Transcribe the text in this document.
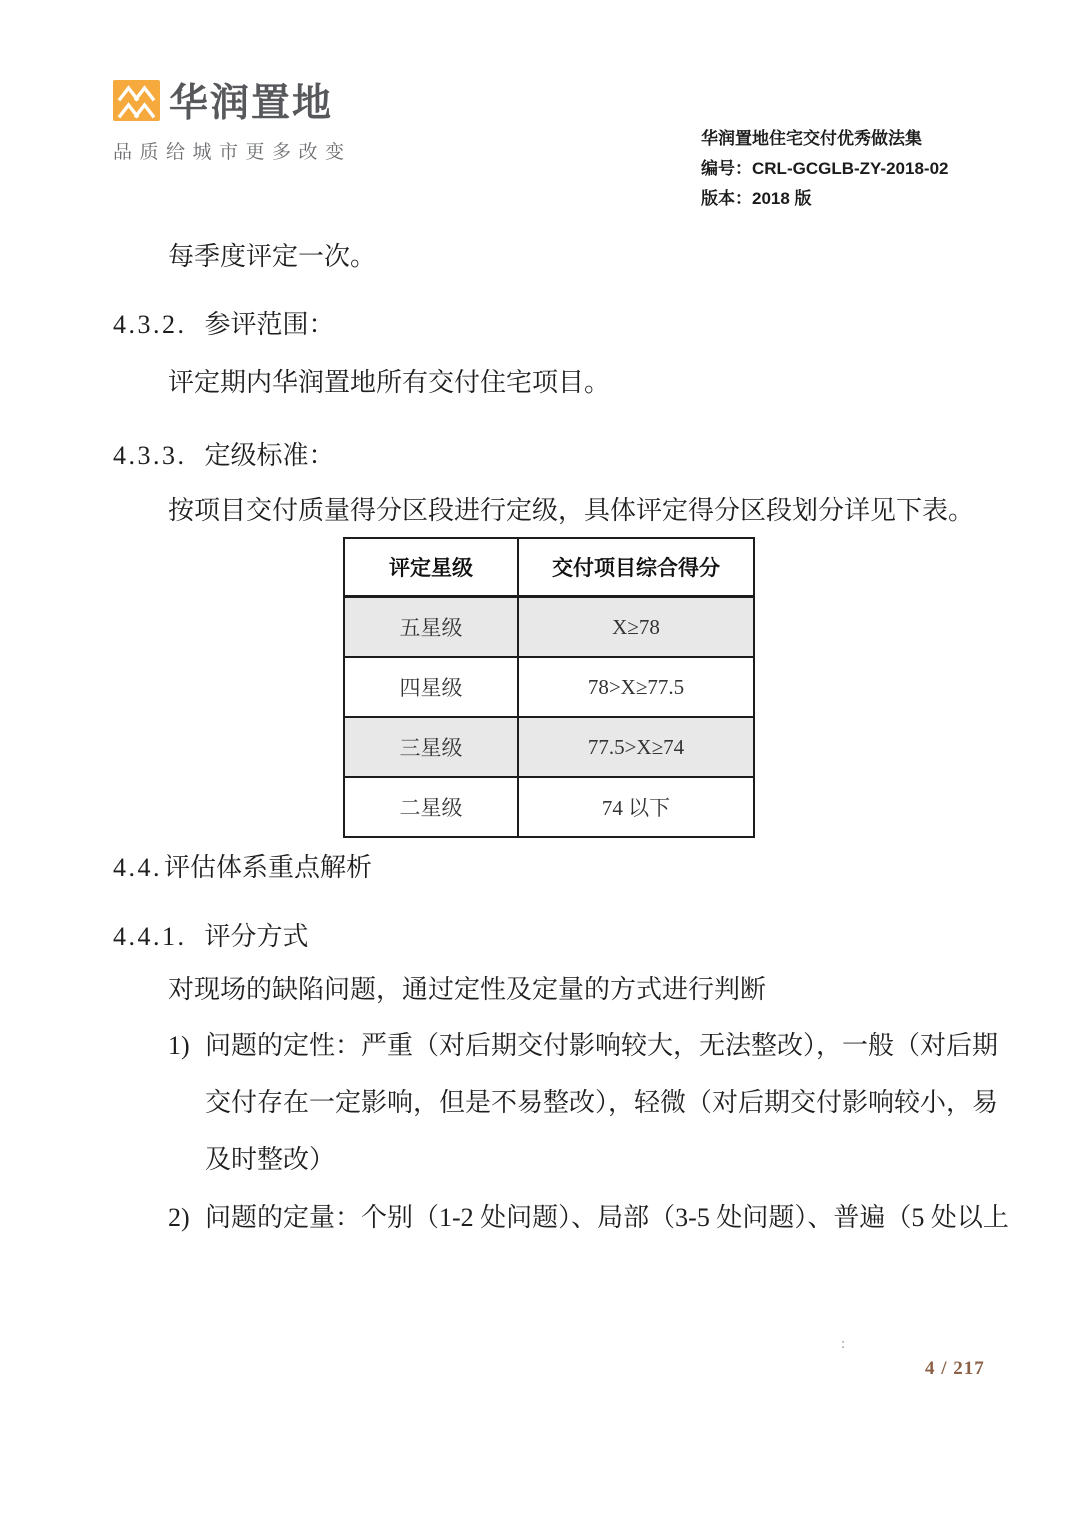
华润置地
品质给城市更多改变
华润置地住宅交付优秀做法集
编号：CRL-GCGLB-ZY-2018-02
版本：2018 版
每季度评定一次。
4.3.2. 参评范围：
评定期内华润置地所有交付住宅项目。
4.3.3. 定级标准：
按项目交付质量得分区段进行定级，具体评定得分区段划分详见下表。
评定星级	交付项目综合得分
五星级	X≥78
四星级	78>X≥77.5
三星级	77.5>X≥74
二星级	74 以下
4.4.评估体系重点解析
4.4.1. 评分方式
对现场的缺陷问题，通过定性及定量的方式进行判断
1) 问题的定性：严重（对后期交付影响较大，无法整改），一般（对后期
交付存在一定影响，但是不易整改），轻微（对后期交付影响较小，易
及时整改）
2) 问题的定量：个别（1-2 处问题）、局部（3-5 处问题）、普遍（5 处以上
:
4 / 217
